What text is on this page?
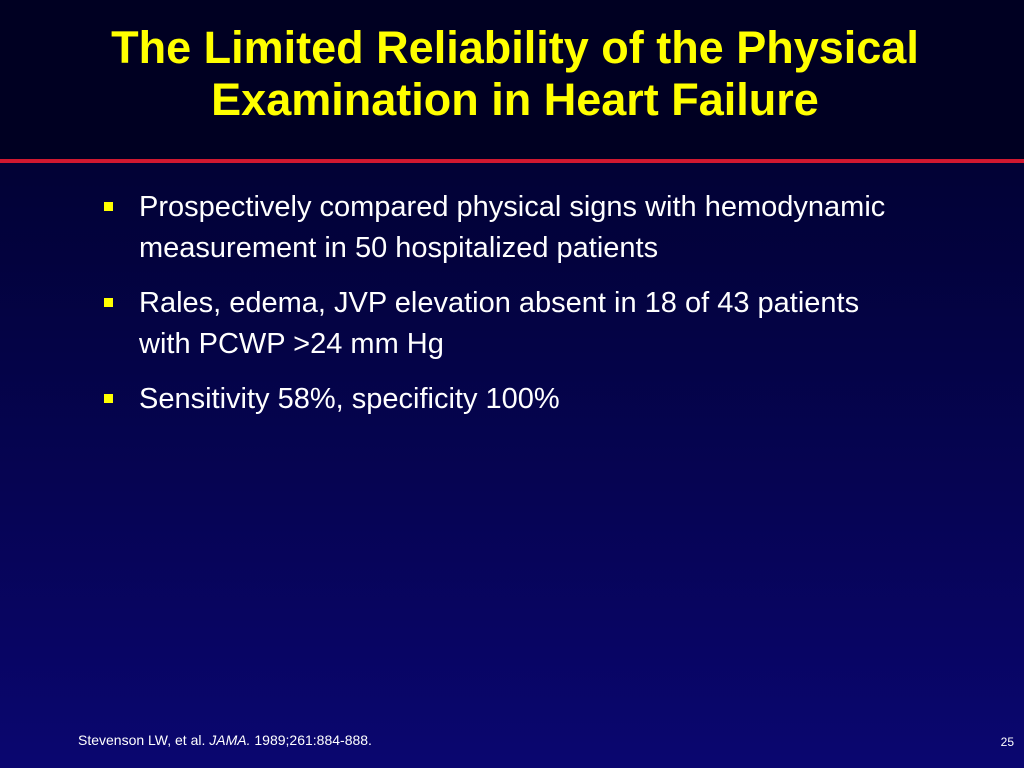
The Limited Reliability of the Physical Examination in Heart Failure
Prospectively compared physical signs with hemodynamic measurement in 50 hospitalized patients
Rales, edema, JVP elevation absent in 18 of 43 patients with PCWP >24 mm Hg
Sensitivity 58%, specificity 100%
Stevenson LW, et al. JAMA. 1989;261:884-888.	25
